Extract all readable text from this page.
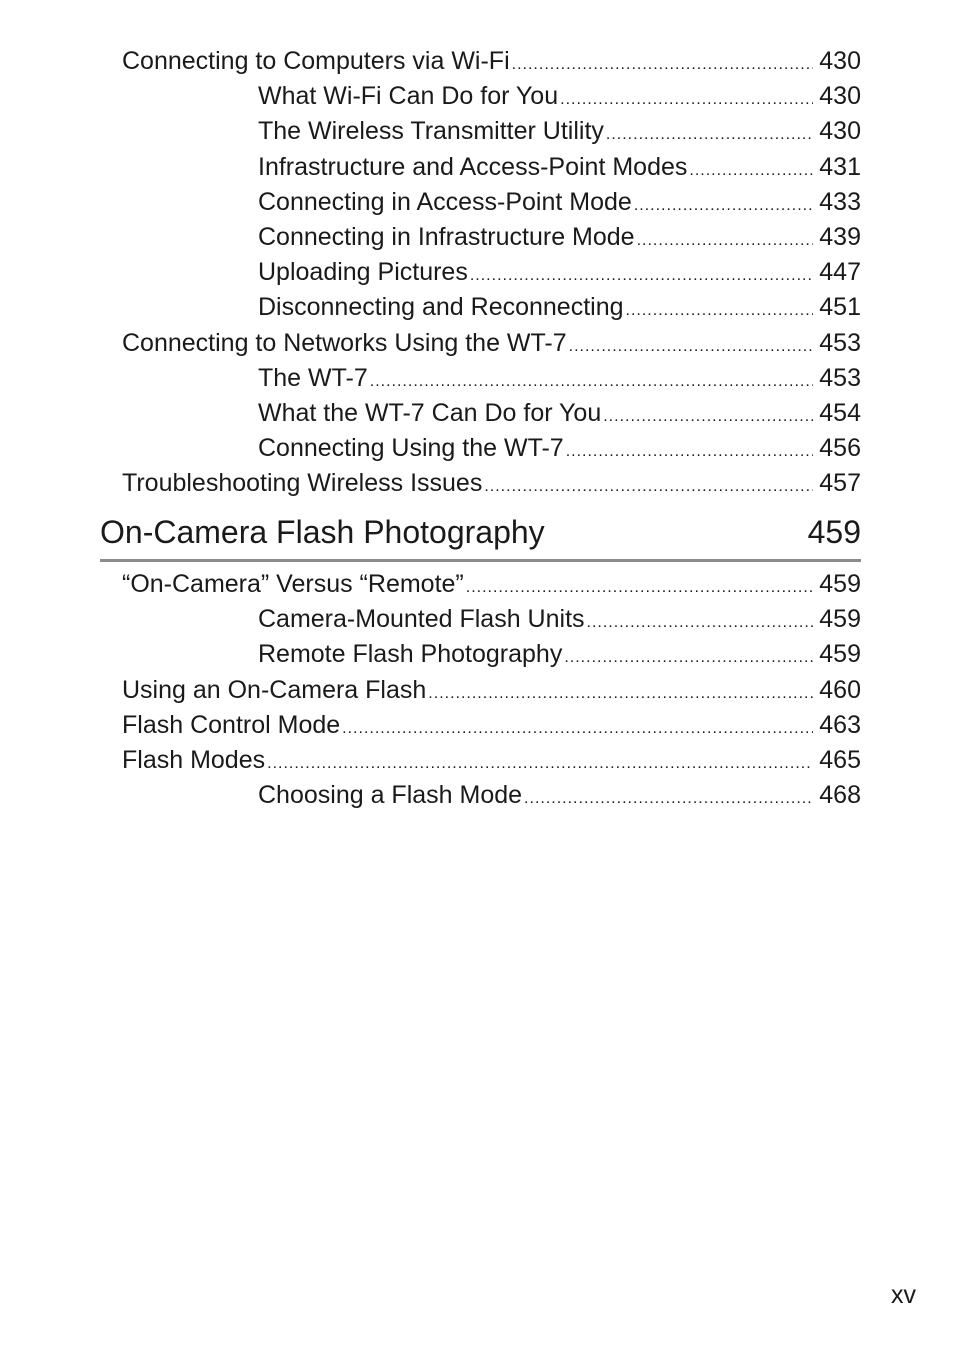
Connecting to Computers via Wi-Fi .....	430
What Wi-Fi Can Do for You .....	430
The Wireless Transmitter Utility .....	430
Infrastructure and Access-Point Modes .....	431
Connecting in Access-Point Mode .....	433
Connecting in Infrastructure Mode .....	439
Uploading Pictures .....	447
Disconnecting and Reconnecting .....	451
Connecting to Networks Using the WT-7 .....	453
The WT-7 .....	453
What the WT-7 Can Do for You .....	454
Connecting Using the WT-7 .....	456
Troubleshooting Wireless Issues .....	457
On-Camera Flash Photography	459
“On-Camera” Versus “Remote” .....	459
Camera-Mounted Flash Units .....	459
Remote Flash Photography .....	459
Using an On-Camera Flash .....	460
Flash Control Mode .....	463
Flash Modes .....	465
Choosing a Flash Mode .....	468
xv
